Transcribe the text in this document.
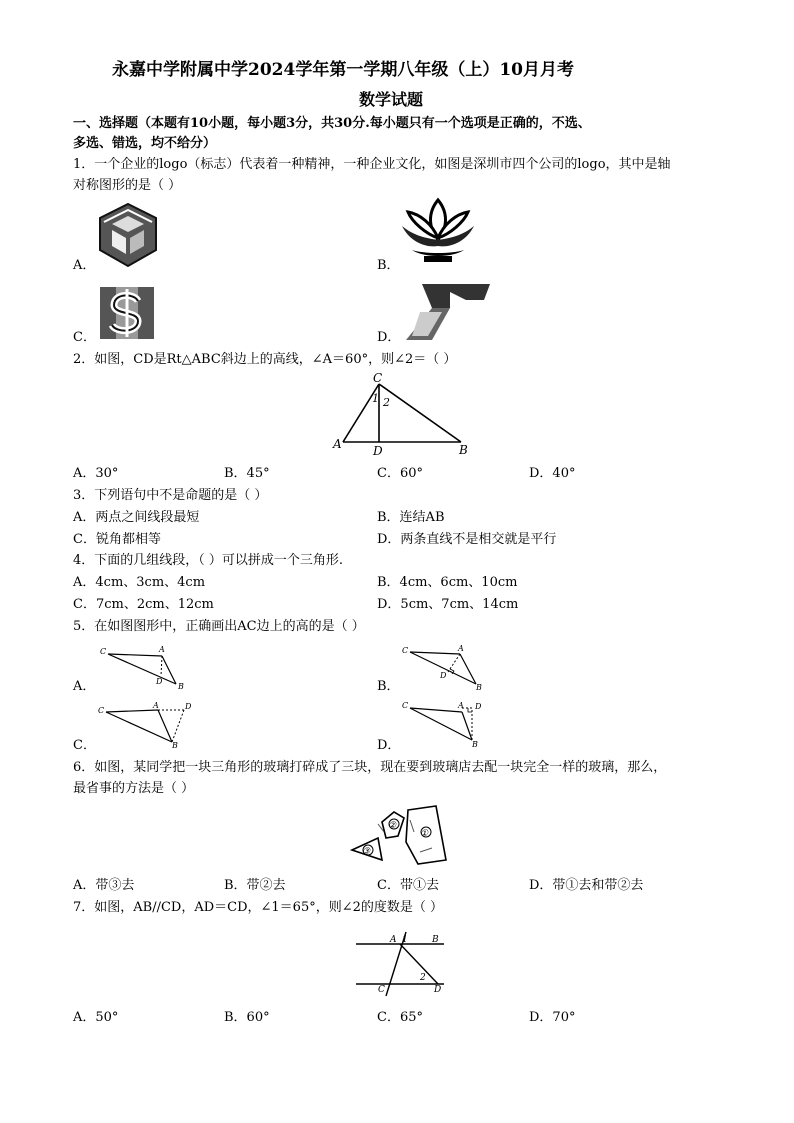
永嘉中学附属中学2024学年第一学期八年级（上）10月月考
数学试题
一、选择题（本题有10小题，每小题3分，共30分.每小题只有一个选项是正确的，不选、
多选、错选，均不给分）
1．一个企业的logo（标志）代表着一种精神，一种企业文化，如图是深圳市四个公司的logo，其中是轴
对称图形的是（ ）
A．	B．
C．	D．
2．如图，CD是Rt△ABC斜边上的高线，∠A＝60°，则∠2＝（ ）
C
A	B
D
1 2
A．30°	B．45°	C．60°	D．40°
3．下列语句中不是命题的是（ ）
A．两点之间线段最短	B．连结AB
C．锐角都相等	D．两条直线不是相交就是平行
4．下面的几组线段，（ ）可以拼成一个三角形.
A．4cm、3cm、4cm	B．4cm、6cm、10cm
C．7cm、2cm、12cm	D．5cm、7cm、14cm
5．在如图图形中，正确画出AC边上的高的是（ ）
A．
C	A
D
B	B．
C	A
D
B
C．
C
A	D
B	D．
C	A D
B
6．如图，某同学把一块三角形的玻璃打碎成了三块，现在要到玻璃店去配一块完全一样的玻璃，那么，
最省事的方法是（ ）
③
②
①
A．带③去	B．带②去	C．带①去	D．带①去和带②去
7．如图，AB//CD，AD＝CD，∠1＝65°，则∠2的度数是（ ）
A 1	B
2
C	D
A．50°	B．60°	C．65°	D．70°
